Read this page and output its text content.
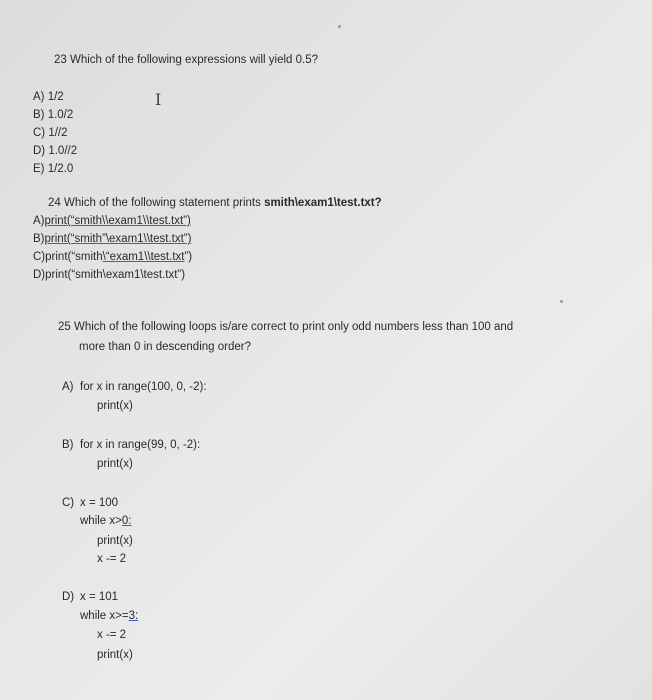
23 Which of the following expressions will yield 0.5?
A) 1/2
B) 1.0/2
C) 1//2
D) 1.0//2
E) 1/2.0
I
24 Which of the following statement prints smith\exam1\test.txt?
A)print(“smith\\exam1\\test.txt”)
B)print(“smith”\exam1\\test.txt”)
C)print(“smith\“exam1\\test.txt”)
D)print(“smith\exam1\test.txt”)
25 Which of the following loops is/are correct to print only odd numbers less than 100 and
more than 0 in descending order?
A) for x in range(100, 0, -2):
print(x)
B) for x in range(99, 0, -2):
print(x)
C) x = 100
while x>0:
print(x)
x -= 2
D) x = 101
while x>=3:
x -= 2
print(x)
